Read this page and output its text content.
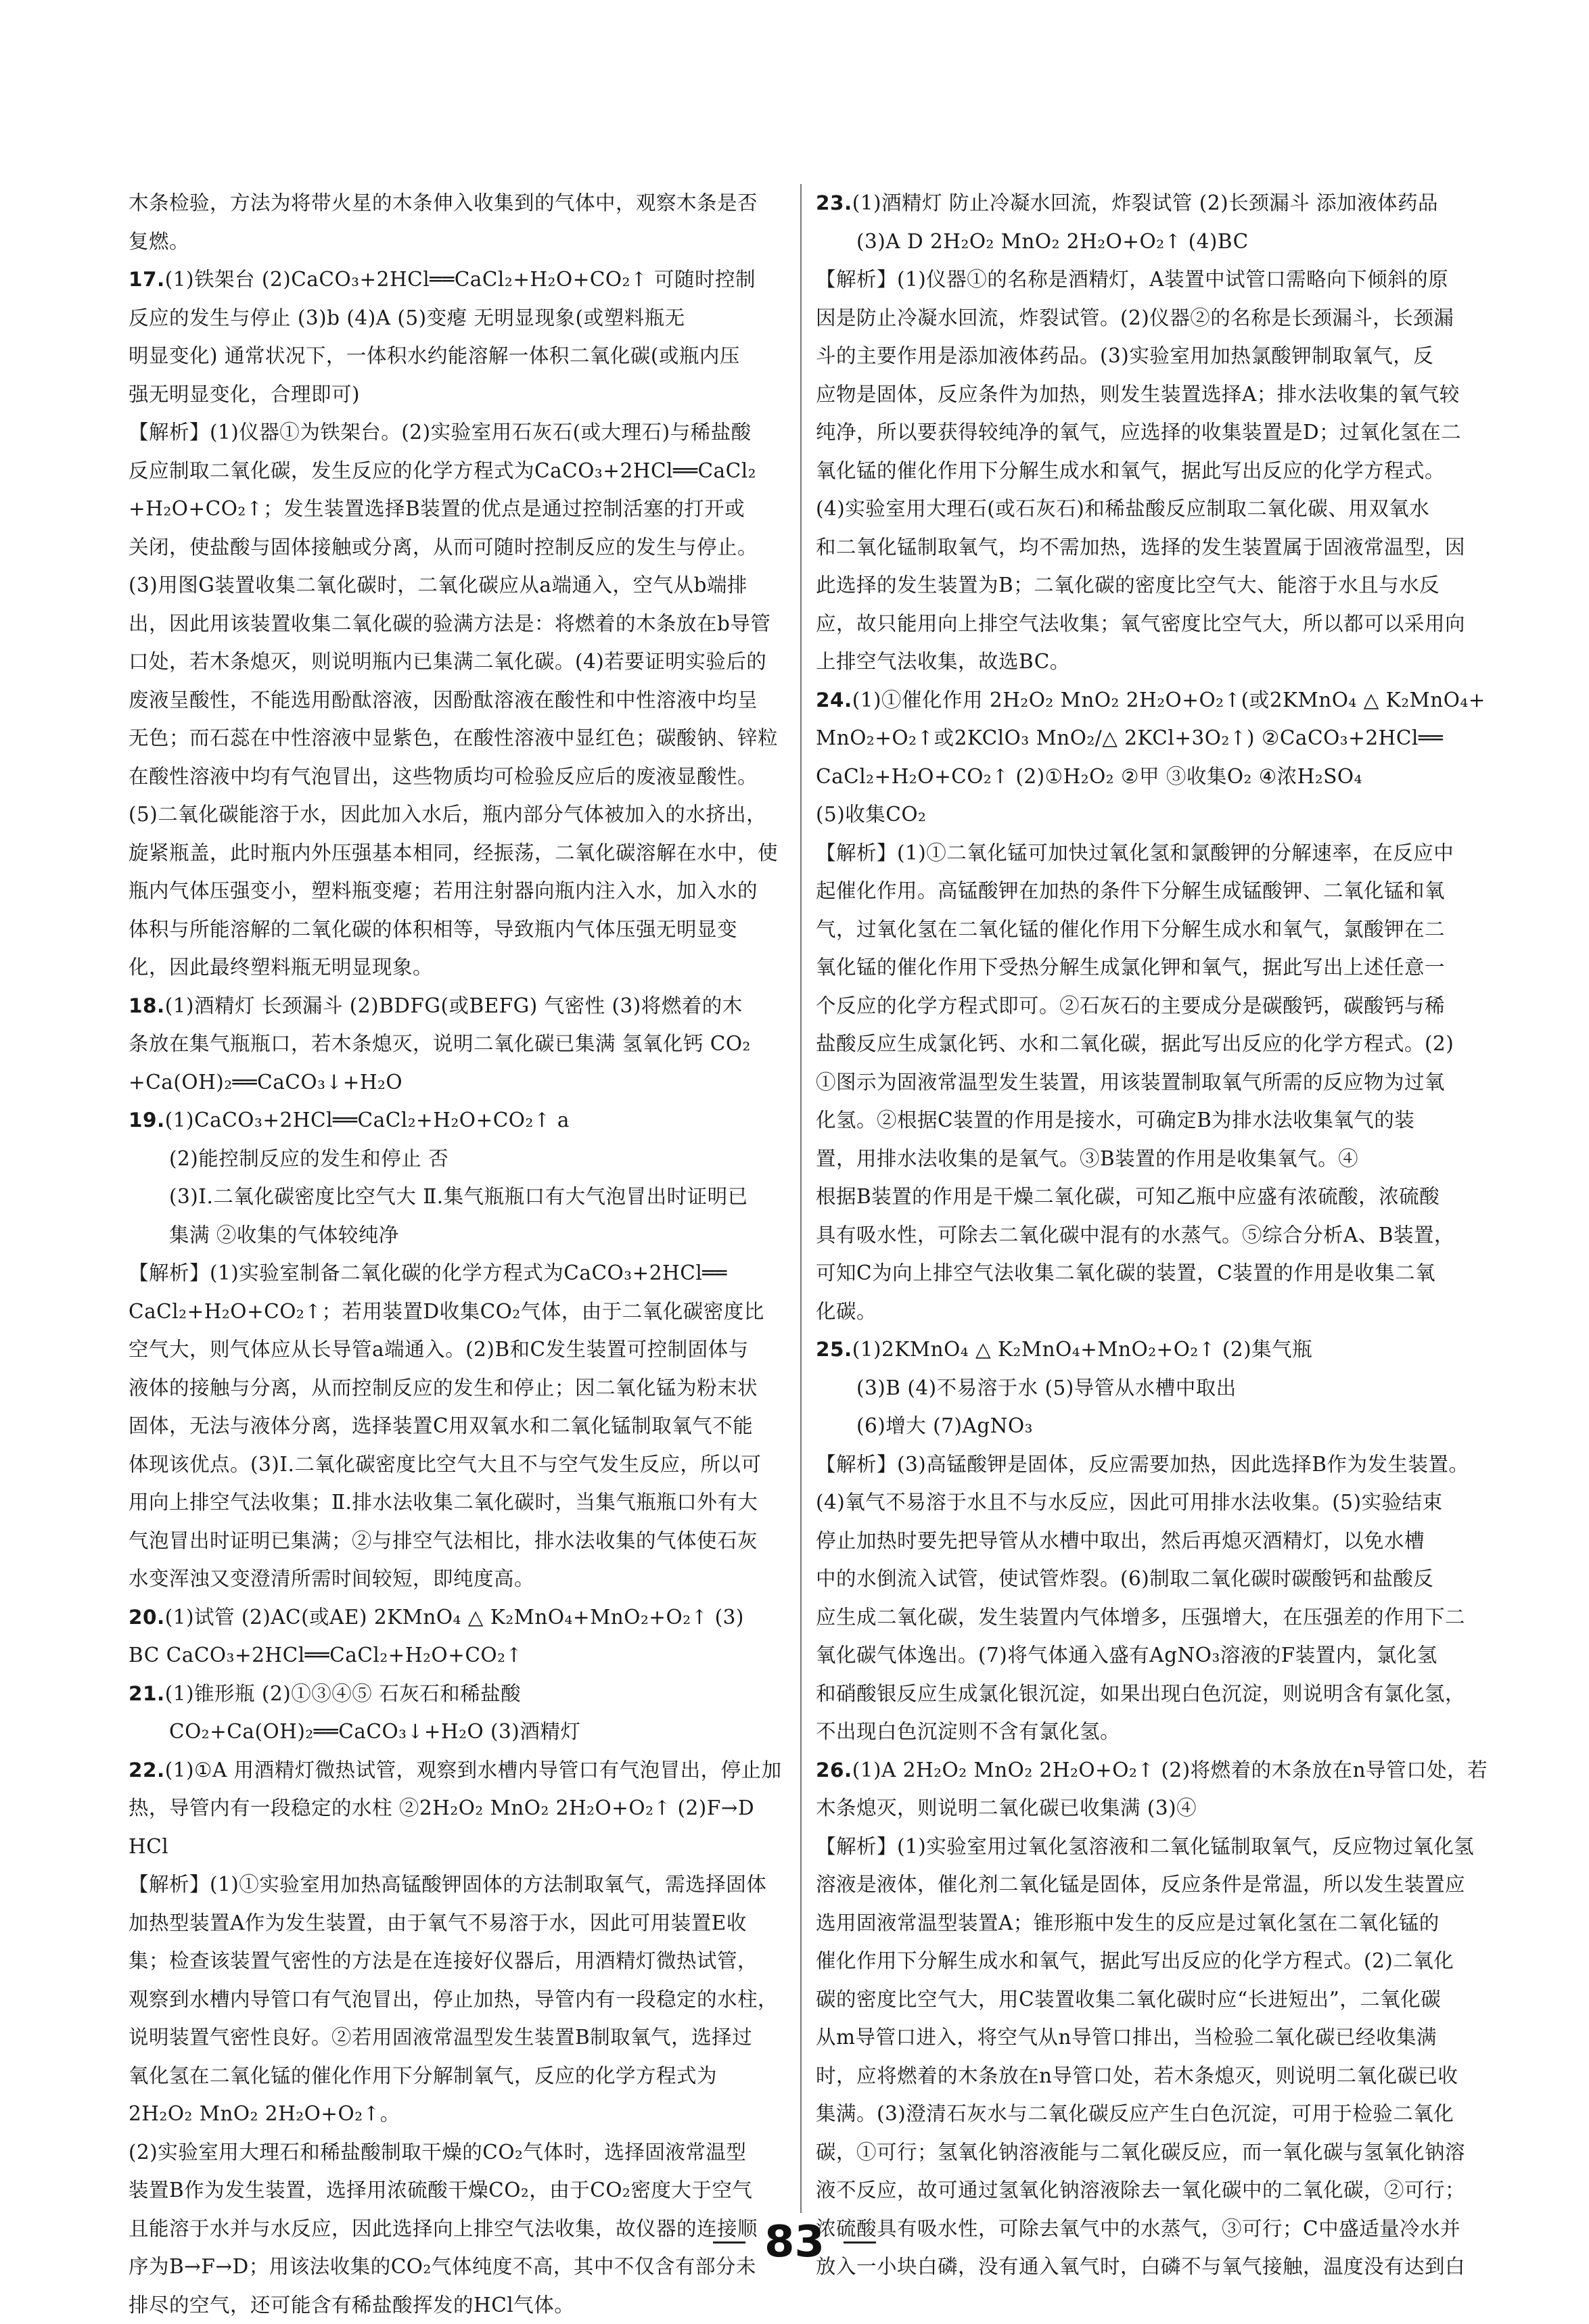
木条检验，方法为将带火星的木条伸入收集到的气体中，观察木条是否
复燃。
17.(1)铁架台 (2)CaCO₃+2HCl══CaCl₂+H₂O+CO₂↑ 可随时控制
反应的发生与停止 (3)b (4)A (5)变瘪 无明显现象(或塑料瓶无
明显变化) 通常状况下，一体积水约能溶解一体积二氧化碳(或瓶内压
强无明显变化，合理即可)
【解析】(1)仪器①为铁架台。(2)实验室用石灰石(或大理石)与稀盐酸
反应制取二氧化碳，发生反应的化学方程式为CaCO₃+2HCl══CaCl₂
+H₂O+CO₂↑；发生装置选择B装置的优点是通过控制活塞的打开或
关闭，使盐酸与固体接触或分离，从而可随时控制反应的发生与停止。
(3)用图G装置收集二氧化碳时，二氧化碳应从a端通入，空气从b端排
出，因此用该装置收集二氧化碳的验满方法是：将燃着的木条放在b导管
口处，若木条熄灭，则说明瓶内已集满二氧化碳。(4)若要证明实验后的
废液呈酸性，不能选用酚酞溶液，因酚酞溶液在酸性和中性溶液中均呈
无色；而石蕊在中性溶液中显紫色，在酸性溶液中显红色；碳酸钠、锌粒
在酸性溶液中均有气泡冒出，这些物质均可检验反应后的废液显酸性。
(5)二氧化碳能溶于水，因此加入水后，瓶内部分气体被加入的水挤出，
旋紧瓶盖，此时瓶内外压强基本相同，经振荡，二氧化碳溶解在水中，使
瓶内气体压强变小，塑料瓶变瘪；若用注射器向瓶内注入水，加入水的
体积与所能溶解的二氧化碳的体积相等，导致瓶内气体压强无明显变
化，因此最终塑料瓶无明显现象。
18.(1)酒精灯 长颈漏斗 (2)BDFG(或BEFG) 气密性 (3)将燃着的木
条放在集气瓶瓶口，若木条熄灭，说明二氧化碳已集满 氢氧化钙 CO₂
+Ca(OH)₂══CaCO₃↓+H₂O
19.(1)CaCO₃+2HCl══CaCl₂+H₂O+CO₂↑ a
(2)能控制反应的发生和停止 否
(3)Ⅰ.二氧化碳密度比空气大 Ⅱ.集气瓶瓶口有大气泡冒出时证明已
集满 ②收集的气体较纯净
【解析】(1)实验室制备二氧化碳的化学方程式为CaCO₃+2HCl══
CaCl₂+H₂O+CO₂↑；若用装置D收集CO₂气体，由于二氧化碳密度比
空气大，则气体应从长导管a端通入。(2)B和C发生装置可控制固体与
液体的接触与分离，从而控制反应的发生和停止；因二氧化锰为粉末状
固体，无法与液体分离，选择装置C用双氧水和二氧化锰制取氧气不能
体现该优点。(3)Ⅰ.二氧化碳密度比空气大且不与空气发生反应，所以可
用向上排空气法收集；Ⅱ.排水法收集二氧化碳时，当集气瓶瓶口外有大
气泡冒出时证明已集满；②与排空气法相比，排水法收集的气体使石灰
水变浑浊又变澄清所需时间较短，即纯度高。
20.(1)试管 (2)AC(或AE) 2KMnO₄ △ K₂MnO₄+MnO₂+O₂↑ (3)
BC CaCO₃+2HCl══CaCl₂+H₂O+CO₂↑
21.(1)锥形瓶 (2)①③④⑤ 石灰石和稀盐酸
CO₂+Ca(OH)₂══CaCO₃↓+H₂O (3)酒精灯
22.(1)①A 用酒精灯微热试管，观察到水槽内导管口有气泡冒出，停止加
热，导管内有一段稳定的水柱 ②2H₂O₂ MnO₂ 2H₂O+O₂↑ (2)F→D
HCl
【解析】(1)①实验室用加热高锰酸钾固体的方法制取氧气，需选择固体
加热型装置A作为发生装置，由于氧气不易溶于水，因此可用装置E收
集；检查该装置气密性的方法是在连接好仪器后，用酒精灯微热试管，
观察到水槽内导管口有气泡冒出，停止加热，导管内有一段稳定的水柱，
说明装置气密性良好。②若用固液常温型发生装置B制取氧气，选择过
氧化氢在二氧化锰的催化作用下分解制氧气，反应的化学方程式为
2H₂O₂ MnO₂ 2H₂O+O₂↑。
(2)实验室用大理石和稀盐酸制取干燥的CO₂气体时，选择固液常温型
装置B作为发生装置，选择用浓硫酸干燥CO₂，由于CO₂密度大于空气
且能溶于水并与水反应，因此选择向上排空气法收集，故仪器的连接顺
序为B→F→D；用该法收集的CO₂气体纯度不高，其中不仅含有部分未
排尽的空气，还可能含有稀盐酸挥发的HCl气体。
23.(1)酒精灯 防止冷凝水回流，炸裂试管 (2)长颈漏斗 添加液体药品
(3)A D 2H₂O₂ MnO₂ 2H₂O+O₂↑ (4)BC
【解析】(1)仪器①的名称是酒精灯，A装置中试管口需略向下倾斜的原
因是防止冷凝水回流，炸裂试管。(2)仪器②的名称是长颈漏斗，长颈漏
斗的主要作用是添加液体药品。(3)实验室用加热氯酸钾制取氧气，反
应物是固体，反应条件为加热，则发生装置选择A；排水法收集的氧气较
纯净，所以要获得较纯净的氧气，应选择的收集装置是D；过氧化氢在二
氧化锰的催化作用下分解生成水和氧气，据此写出反应的化学方程式。
(4)实验室用大理石(或石灰石)和稀盐酸反应制取二氧化碳、用双氧水
和二氧化锰制取氧气，均不需加热，选择的发生装置属于固液常温型，因
此选择的发生装置为B；二氧化碳的密度比空气大、能溶于水且与水反
应，故只能用向上排空气法收集；氧气密度比空气大，所以都可以采用向
上排空气法收集，故选BC。
24.(1)①催化作用 2H₂O₂ MnO₂ 2H₂O+O₂↑(或2KMnO₄ △ K₂MnO₄+
MnO₂+O₂↑或2KClO₃ MnO₂/△ 2KCl+3O₂↑) ②CaCO₃+2HCl══
CaCl₂+H₂O+CO₂↑ (2)①H₂O₂ ②甲 ③收集O₂ ④浓H₂SO₄
(5)收集CO₂
【解析】(1)①二氧化锰可加快过氧化氢和氯酸钾的分解速率，在反应中
起催化作用。高锰酸钾在加热的条件下分解生成锰酸钾、二氧化锰和氧
气，过氧化氢在二氧化锰的催化作用下分解生成水和氧气，氯酸钾在二
氧化锰的催化作用下受热分解生成氯化钾和氧气，据此写出上述任意一
个反应的化学方程式即可。②石灰石的主要成分是碳酸钙，碳酸钙与稀
盐酸反应生成氯化钙、水和二氧化碳，据此写出反应的化学方程式。(2)
①图示为固液常温型发生装置，用该装置制取氧气所需的反应物为过氧
化氢。②根据C装置的作用是接水，可确定B为排水法收集氧气的装
置，用排水法收集的是氧气。③B装置的作用是收集氧气。④
根据B装置的作用是干燥二氧化碳，可知乙瓶中应盛有浓硫酸，浓硫酸
具有吸水性，可除去二氧化碳中混有的水蒸气。⑤综合分析A、B装置，
可知C为向上排空气法收集二氧化碳的装置，C装置的作用是收集二氧
化碳。
25.(1)2KMnO₄ △ K₂MnO₄+MnO₂+O₂↑ (2)集气瓶
(3)B (4)不易溶于水 (5)导管从水槽中取出
(6)增大 (7)AgNO₃
【解析】(3)高锰酸钾是固体，反应需要加热，因此选择B作为发生装置。
(4)氧气不易溶于水且不与水反应，因此可用排水法收集。(5)实验结束
停止加热时要先把导管从水槽中取出，然后再熄灭酒精灯，以免水槽
中的水倒流入试管，使试管炸裂。(6)制取二氧化碳时碳酸钙和盐酸反
应生成二氧化碳，发生装置内气体增多，压强增大，在压强差的作用下二
氧化碳气体逸出。(7)将气体通入盛有AgNO₃溶液的F装置内，氯化氢
和硝酸银反应生成氯化银沉淀，如果出现白色沉淀，则说明含有氯化氢，
不出现白色沉淀则不含有氯化氢。
26.(1)A 2H₂O₂ MnO₂ 2H₂O+O₂↑ (2)将燃着的木条放在n导管口处，若
木条熄灭，则说明二氧化碳已收集满 (3)④
【解析】(1)实验室用过氧化氢溶液和二氧化锰制取氧气，反应物过氧化氢
溶液是液体，催化剂二氧化锰是固体，反应条件是常温，所以发生装置应
选用固液常温型装置A；锥形瓶中发生的反应是过氧化氢在二氧化锰的
催化作用下分解生成水和氧气，据此写出反应的化学方程式。(2)二氧化
碳的密度比空气大，用C装置收集二氧化碳时应“长进短出”，二氧化碳
从m导管口进入，将空气从n导管口排出，当检验二氧化碳已经收集满
时，应将燃着的木条放在n导管口处，若木条熄灭，则说明二氧化碳已收
集满。(3)澄清石灰水与二氧化碳反应产生白色沉淀，可用于检验二氧化
碳，①可行；氢氧化钠溶液能与二氧化碳反应，而一氧化碳与氢氧化钠溶
液不反应，故可通过氢氧化钠溶液除去一氧化碳中的二氧化碳，②可行；
浓硫酸具有吸水性，可除去氧气中的水蒸气，③可行；C中盛适量冷水并
放入一小块白磷，没有通入氧气时，白磷不与氧气接触，温度没有达到白
83
